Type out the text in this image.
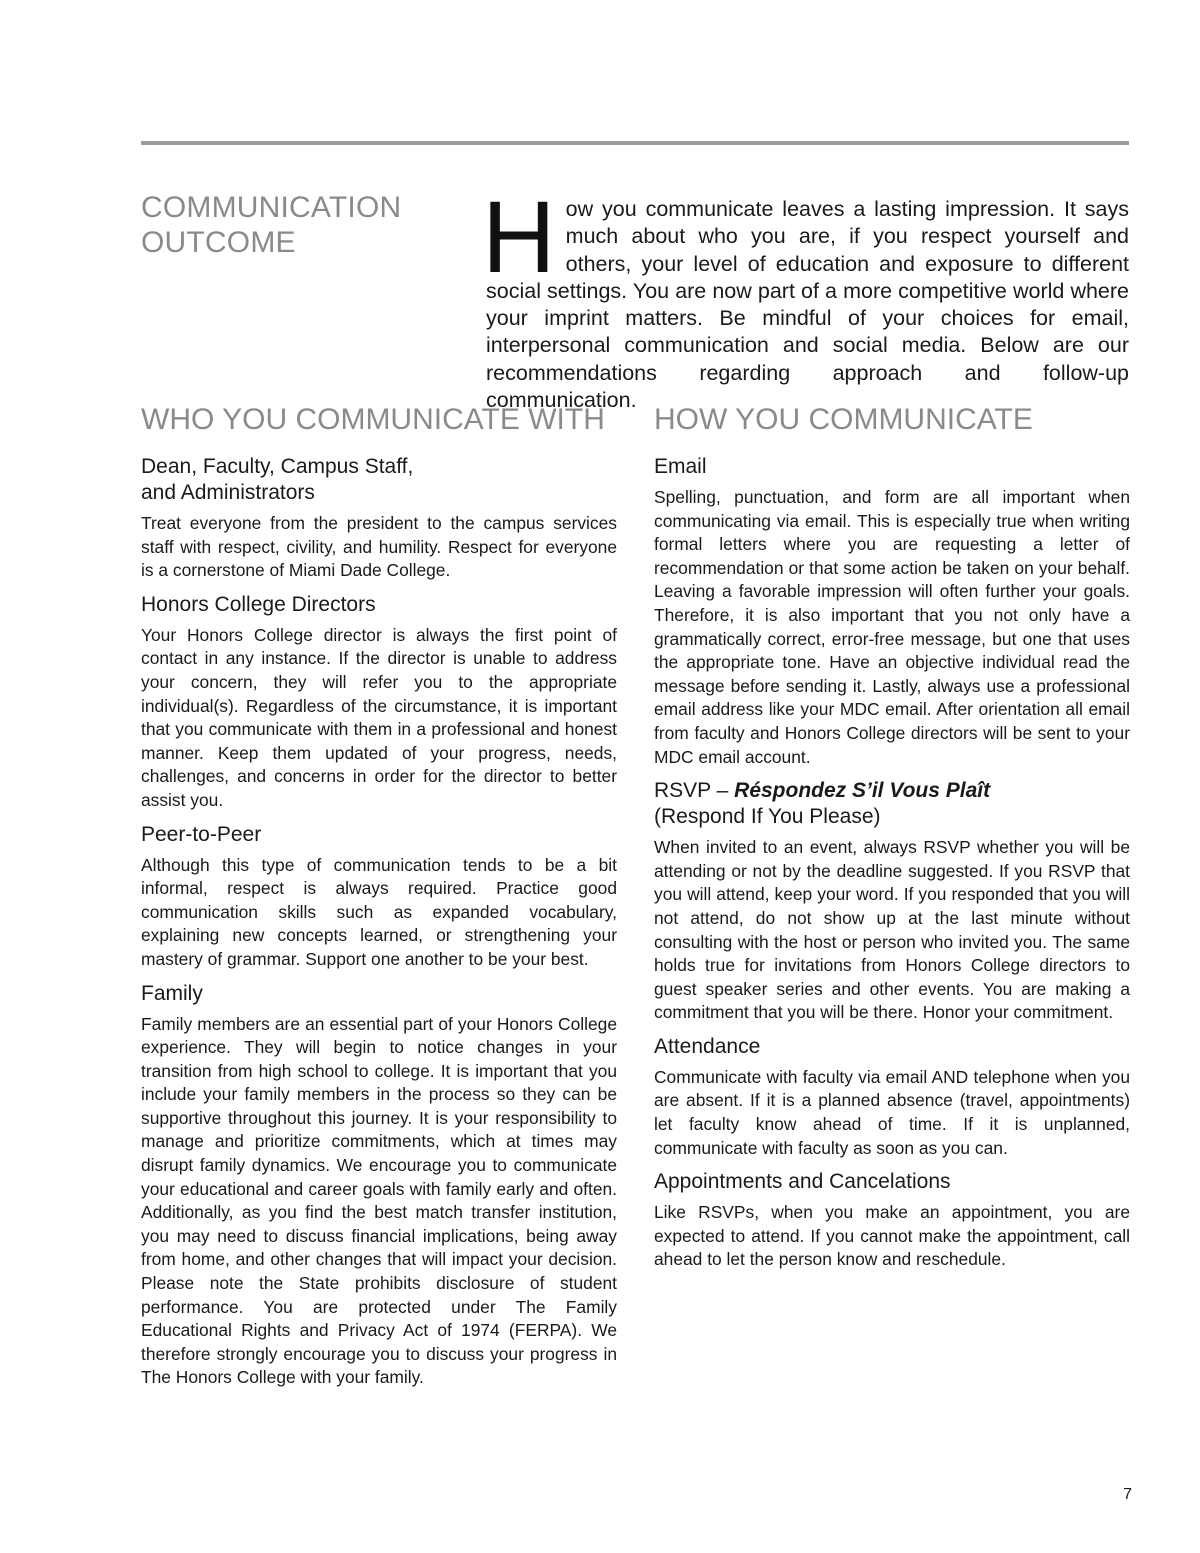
COMMUNICATION
OUTCOME	How you communicate leaves a lasting impression. It says much about who you are, if you respect yourself and others, your level of education and exposure to different social settings. You are now part of a more competitive world where your imprint matters. Be mindful of your choices for email, interpersonal communication and social media. Below are our recommendations regarding approach and follow-up communication.
WHO YOU COMMUNICATE WITH
Dean, Faculty, Campus Staff,
and Administrators

Treat everyone from the president to the campus services staff with respect, civility, and humility. Respect for everyone is a cornerstone of Miami Dade College.

Honors College Directors

Your Honors College director is always the first point of contact in any instance. If the director is unable to address your concern, they will refer you to the appropriate individual(s). Regardless of the circumstance, it is important that you communicate with them in a professional and honest manner. Keep them updated of your progress, needs, challenges, and concerns in order for the director to better assist you.

Peer-to-Peer

Although this type of communication tends to be a bit informal, respect is always required. Practice good communication skills such as expanded vocabulary, explaining new concepts learned, or strengthening your mastery of grammar. Support one another to be your best.

Family

Family members are an essential part of your Honors College experience. They will begin to notice changes in your transition from high school to college. It is important that you include your family members in the process so they can be supportive throughout this journey. It is your responsibility to manage and prioritize commitments, which at times may disrupt family dynamics. We encourage you to communicate your educational and career goals with family early and often. Additionally, as you find the best match transfer institution, you may need to discuss financial implications, being away from home, and other changes that will impact your decision. Please note the State prohibits disclosure of student performance. You are protected under The Family Educational Rights and Privacy Act of 1974 (FERPA). We therefore strongly encourage you to discuss your progress in The Honors College with your family.

HOW YOU COMMUNICATE
Email

Spelling, punctuation, and form are all important when communicating via email. This is especially true when writing formal letters where you are requesting a letter of recommendation or that some action be taken on your behalf. Leaving a favorable impression will often further your goals. Therefore, it is also important that you not only have a grammatically correct, error-free message, but one that uses the appropriate tone. Have an objective individual read the message before sending it. Lastly, always use a professional email address like your MDC email. After orientation all email from faculty and Honors College directors will be sent to your MDC email account.

RSVP – Réspondez S’il Vous Plaît
(Respond If You Please)

When invited to an event, always RSVP whether you will be attending or not by the deadline suggested. If you RSVP that you will attend, keep your word. If you responded that you will not attend, do not show up at the last minute without consulting with the host or person who invited you. The same holds true for invitations from Honors College directors to guest speaker series and other events. You are making a commitment that you will be there. Honor your commitment.

Attendance

Communicate with faculty via email AND telephone when you are absent. If it is a planned absence (travel, appointments) let faculty know ahead of time. If it is unplanned, communicate with faculty as soon as you can.

Appointments and Cancelations

Like RSVPs, when you make an appointment, you are expected to attend. If you cannot make the appointment, call ahead to let the person know and reschedule.

7
